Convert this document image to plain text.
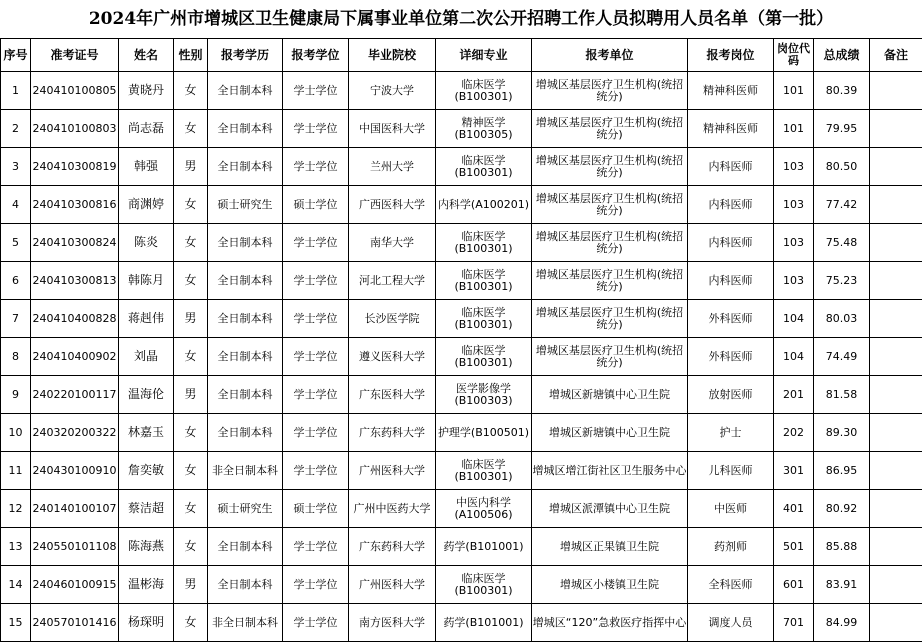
2024年广州市增城区卫生健康局下属事业单位第二次公开招聘工作人员拟聘用人员名单（第一批）
序号	准考证号	姓名	性别	报考学历	报考学位	毕业院校	详细专业	报考单位	报考岗位	岗位代码	总成绩	备注
1	240410100805	黄晓丹	女	全日制本科	学士学位	宁波大学	临床医学(B100301)	增城区基层医疗卫生机构(统招统分)	精神科医师	101	80.39	
2	240410100803	尚志磊	女	全日制本科	学士学位	中国医科大学	精神医学(B100305)	增城区基层医疗卫生机构(统招统分)	精神科医师	101	79.95	
3	240410300819	韩强	男	全日制本科	学士学位	兰州大学	临床医学(B100301)	增城区基层医疗卫生机构(统招统分)	内科医师	103	80.50	
4	240410300816	商渊婷	女	硕士研究生	硕士学位	广西医科大学	内科学(A100201)	增城区基层医疗卫生机构(统招统分)	内科医师	103	77.42	
5	240410300824	陈炎	女	全日制本科	学士学位	南华大学	临床医学(B100301)	增城区基层医疗卫生机构(统招统分)	内科医师	103	75.48	
6	240410300813	韩陈月	女	全日制本科	学士学位	河北工程大学	临床医学(B100301)	增城区基层医疗卫生机构(统招统分)	内科医师	103	75.23	
7	240410400828	蒋赳伟	男	全日制本科	学士学位	长沙医学院	临床医学(B100301)	增城区基层医疗卫生机构(统招统分)	外科医师	104	80.03	
8	240410400902	刘晶	女	全日制本科	学士学位	遵义医科大学	临床医学(B100301)	增城区基层医疗卫生机构(统招统分)	外科医师	104	74.49	
9	240220100117	温海伦	男	全日制本科	学士学位	广东医科大学	医学影像学(B100303)	增城区新塘镇中心卫生院	放射医师	201	81.58	
10	240320200322	林嘉玉	女	全日制本科	学士学位	广东药科大学	护理学(B100501)	增城区新塘镇中心卫生院	护士	202	89.30	
11	240430100910	詹奕敏	女	非全日制本科	学士学位	广州医科大学	临床医学(B100301)	增城区增江街社区卫生服务中心	儿科医师	301	86.95	
12	240140100107	蔡洁超	女	硕士研究生	硕士学位	广州中医药大学	中医内科学(A100506)	增城区派潭镇中心卫生院	中医师	401	80.92	
13	240550101108	陈海燕	女	全日制本科	学士学位	广东药科大学	药学(B101001)	增城区正果镇卫生院	药剂师	501	85.88	
14	240460100915	温彬海	男	全日制本科	学士学位	广州医科大学	临床医学(B100301)	增城区小楼镇卫生院	全科医师	601	83.91	
15	240570101416	杨琛明	女	非全日制本科	学士学位	南方医科大学	药学(B101001)	增城区“120”急救医疗指挥中心	调度人员	701	84.99	
